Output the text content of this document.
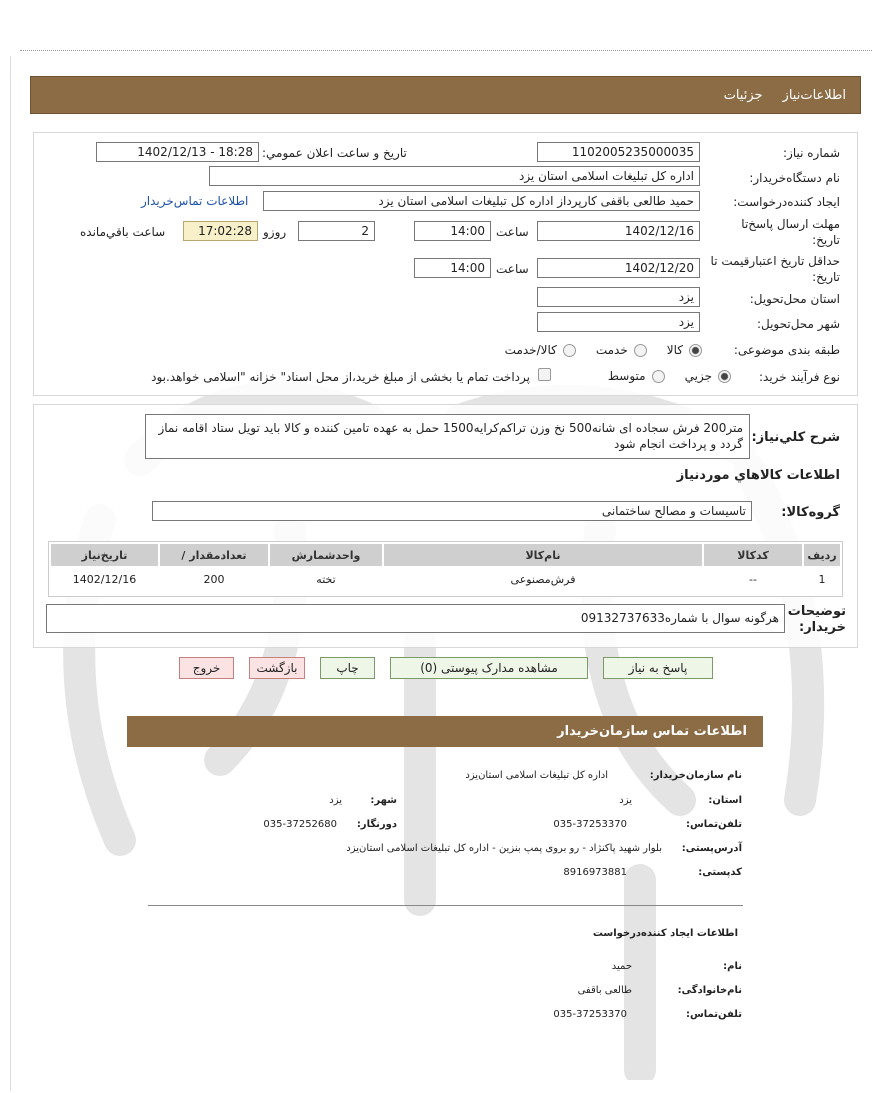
جزئیات اطلاعات‌نیاز
شماره نیاز:
1102005235000035
تاریخ و ساعت اعلان عمومي:
1402/12/13 - 18:28
نام دستگاه‌خریدار:
اداره کل تبلیغات اسلامی استان یزد
ایجاد کننده‌درخواست:
حمید طالعی باقفی کارپرداز اداره کل تبلیغات اسلامی استان یزد
اطلاعات تماس‌خریدار
مهلت ارسال پاسخ‌تا تاریخ:
1402/12/16
ساعت
14:00
2
روزو
17:02:28
ساعت باقي‌مانده
حداقل تاریخ اعتبار‌قیمت تا تاریخ:
1402/12/20
ساعت
14:00
استان محل‌تحویل:
یزد
شهر محل‌تحویل:
یزد
طبقه بندی موضوعی:
کالا
خدمت
کالا/خدمت
نوع فرآیند خرید:
جزیي
متوسط
پرداخت تمام یا بخشی از مبلغ خرید،از محل اسناد" خزانه "اسلامی خواهد.بود
شرح کلي‌نیاز:
متر200 فرش سجاده ای شانه500 نخ وزن تراکم‌کرایه1500 حمل به عهده تامین کننده و کالا باید تویل ستاد اقامه نماز گردد و پرداخت انجام شود
اطلاعات کالاهاي موردنیاز
گروه‌کالا:
تاسیسات و مصالح ساختمانی
ردیف	کدکالا	نام‌کالا	واحدشمارش	تعدادمقدار /	تاریخ‌نیاز
1	--	فرش‌مصنوعی	تخته	200	1402/12/16
توضیحات خریدار:
هرگونه سوال با شماره09132737633
پاسخ به نیاز
مشاهده مدارک پیوستی (0)
چاپ
بازگشت
خروج
اطلاعات تماس سازمان‌خریدار
نام سازمان‌خریدار:
اداره کل تبلیغات اسلامی استان‌یزد
استان:
یزد
شهر:
یزد
تلفن‌تماس:
035-37253370
دورنگار:
035-37252680
آدرس‌پستی:
بلوار شهید پاکنژاد - رو بروی پمپ بنزین - اداره کل تبلیغات اسلامی استان‌یزد
کد‌پستی:
8916973881
اطلاعات ایجاد کننده‌درخواست
نام:
حمید
نام‌خانوادگی:
طالعی باقفی
تلفن‌تماس:
035-37253370
